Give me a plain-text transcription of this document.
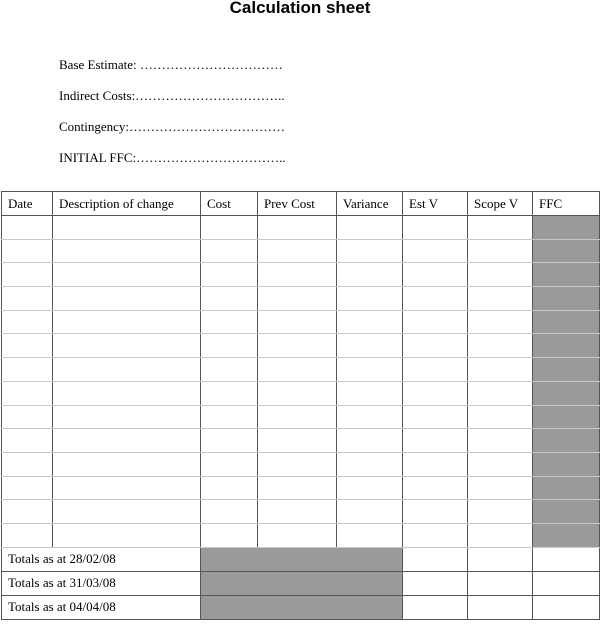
Calculation sheet
Base Estimate: ……………………………
Indirect Costs:……………………………..
Contingency:………………………………
INITIAL FFC:……………………………..
Date	Description of change	Cost	Prev Cost	Variance	Est V	Scope V	FFC

Totals as at 28/02/08							
Totals as at 31/03/08							
Totals as at 04/04/08							
